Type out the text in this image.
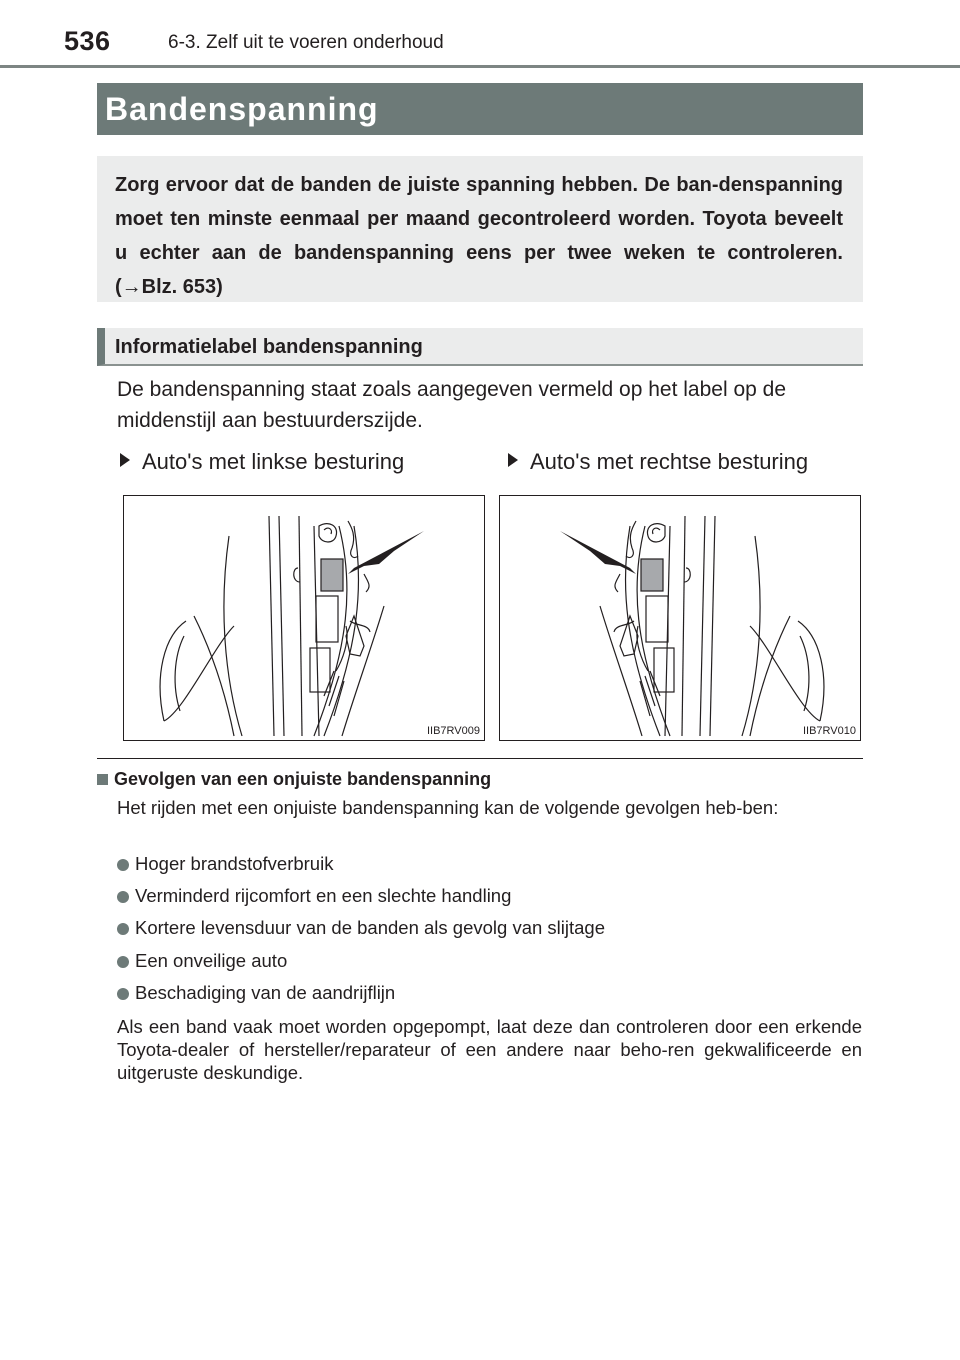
536	6-3. Zelf uit te voeren onderhoud
Bandenspanning
Zorg ervoor dat de banden de juiste spanning hebben. De ban-denspanning moet ten minste eenmaal per maand gecontroleerd worden. Toyota beveelt u echter aan de bandenspanning eens per twee weken te controleren. (→Blz. 653)
Informatielabel bandenspanning
De bandenspanning staat zoals aangegeven vermeld op het label op de middenstijl aan bestuurderszijde.
Auto's met linkse besturing	Auto's met rechtse besturing
IIB7RV009	IIB7RV010
Gevolgen van een onjuiste bandenspanning
Het rijden met een onjuiste bandenspanning kan de volgende gevolgen heb-ben:
Hoger brandstofverbruik
Verminderd rijcomfort en een slechte handling
Kortere levensduur van de banden als gevolg van slijtage
Een onveilige auto
Beschadiging van de aandrijflijn
Als een band vaak moet worden opgepompt, laat deze dan controleren door een erkende Toyota-dealer of hersteller/reparateur of een andere naar beho-ren gekwalificeerde en uitgeruste deskundige.
